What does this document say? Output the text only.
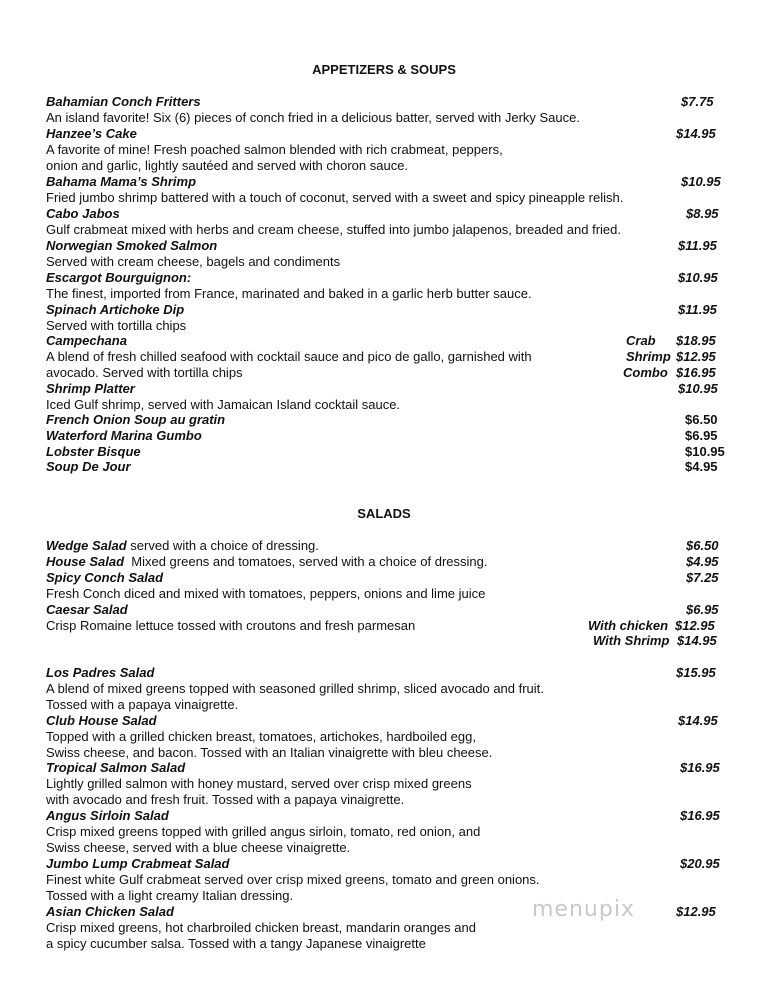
APPETIZERS & SOUPS
Bahamian Conch Fritters	$7.75
An island favorite! Six (6) pieces of conch fried in a delicious batter, served with Jerky Sauce.
Hanzee’s Cake	$14.95
A favorite of mine! Fresh poached salmon blended with rich crabmeat, peppers,
onion and garlic, lightly sautéed and served with choron sauce.
Bahama Mama’s Shrimp	$10.95
Fried jumbo shrimp battered with a touch of coconut, served with a sweet and spicy pineapple relish.
Cabo Jabos	$8.95
Gulf crabmeat mixed with herbs and cream cheese, stuffed into jumbo jalapenos, breaded and fried.
Norwegian Smoked Salmon	$11.95
Served with cream cheese, bagels and condiments
Escargot Bourguignon:	$10.95
The finest, imported from France, marinated and baked in a garlic herb butter sauce.
Spinach Artichoke Dip	$11.95
Served with tortilla chips
Campechana	Crab $18.95
A blend of fresh chilled seafood with cocktail sauce and pico de gallo, garnished with	Shrimp $12.95
avocado. Served with tortilla chips	Combo $16.95
Shrimp Platter	$10.95
Iced Gulf shrimp, served with Jamaican Island cocktail sauce.
French Onion Soup au gratin	$6.50
Waterford Marina Gumbo	$6.95
Lobster Bisque	$10.95
Soup De Jour	$4.95
SALADS
Wedge Salad served with a choice of dressing.	$6.50
House Salad  Mixed greens and tomatoes, served with a choice of dressing.	$4.95
Spicy Conch Salad	$7.25
Fresh Conch diced and mixed with tomatoes, peppers, onions and lime juice
Caesar Salad	$6.95
Crisp Romaine lettuce tossed with croutons and fresh parmesan	With chicken $12.95
With Shrimp $14.95
Los Padres Salad	$15.95
A blend of mixed greens topped with seasoned grilled shrimp, sliced avocado and fruit.
Tossed with a papaya vinaigrette.
Club House Salad	$14.95
Topped with a grilled chicken breast, tomatoes, artichokes, hardboiled egg,
Swiss cheese, and bacon. Tossed with an Italian vinaigrette with bleu cheese.
Tropical Salmon Salad	$16.95
Lightly grilled salmon with honey mustard, served over crisp mixed greens
with avocado and fresh fruit. Tossed with a papaya vinaigrette.
Angus Sirloin Salad	$16.95
Crisp mixed greens topped with grilled angus sirloin, tomato, red onion, and
Swiss cheese, served with a blue cheese vinaigrette.
Jumbo Lump Crabmeat Salad	$20.95
Finest white Gulf crabmeat served over crisp mixed greens, tomato and green onions.
Tossed with a light creamy Italian dressing.
Asian Chicken Salad	$12.95
Crisp mixed greens, hot charbroiled chicken breast, mandarin oranges and
a spicy cucumber salsa. Tossed with a tangy Japanese vinaigrette
menupix
